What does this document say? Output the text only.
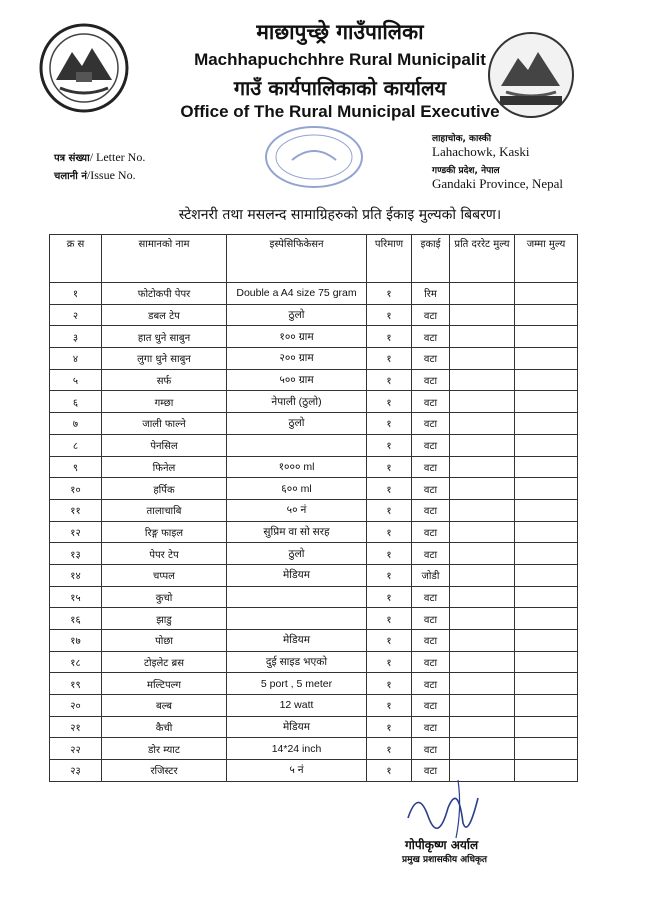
माछापुच्छ्रे गाउँपालिका
Machhapuchchhre Rural Municipalit
गाउँ कार्यपालिकाको कार्यालय
Office of The Rural Municipal Executive
लाहाचोक, कास्की
Lahachowk, Kaski
गण्डकी प्रदेश, नेपाल
Gandaki Province, Nepal
पत्र संख्या/ Letter No.
चलानी नं/Issue No.
स्टेशनरी तथा मसलन्द सामाग्रिहरुको प्रति ईकाइ मुल्यको बिबरण।
क्र स	सामानको नाम	इस्पेसिफिकेसन	परिमाण	इकाई	प्रति दररेट मुल्य	जम्मा मुल्य
१	फोटोकपी पेपर	Double a A4 size 75 gram	१	रिम		
२	डबल टेप	ठुलो	१	वटा		
३	हात धुने साबुन	१०० ग्राम	१	वटा		
४	लुगा धुने साबुन	२०० ग्राम	१	वटा		
५	सर्फ	५०० ग्राम	१	वटा		
६	गम्छा	नेपाली (ठुलो)	१	वटा		
७	जाली फाल्ने	ठुलो	१	वटा		
८	पेनसिल		१	वटा		
९	फिनेल	१००० ml	१	वटा		
१०	हर्पिक	६०० ml	१	वटा		
११	तालाचाबि	५० नं	१	वटा		
१२	रिङ्ग फाइल	सुप्रिम वा सो सरह	१	वटा		
१३	पेपर टेप	ठुलो	१	वटा		
१४	चप्पल	मेडियम	१	जोडी		
१५	कुचो		१	वटा		
१६	झाडु		१	वटा		
१७	पोछा	मेडियम	१	वटा		
१८	टोइलेट ब्रस	दुई साइड भएको	१	वटा		
१९	मल्टिपल्ग	5 port , 5 meter	१	वटा		
२०	बल्ब	12 watt	१	वटा		
२१	कैची	मेडियम	१	वटा		
२२	डोर म्याट	14*24 inch	१	वटा		
२३	रजिस्टर	५ नं	१	वटा		
गोपीकृष्ण अर्याल
प्रमुख प्रशासकीय अधिकृत
